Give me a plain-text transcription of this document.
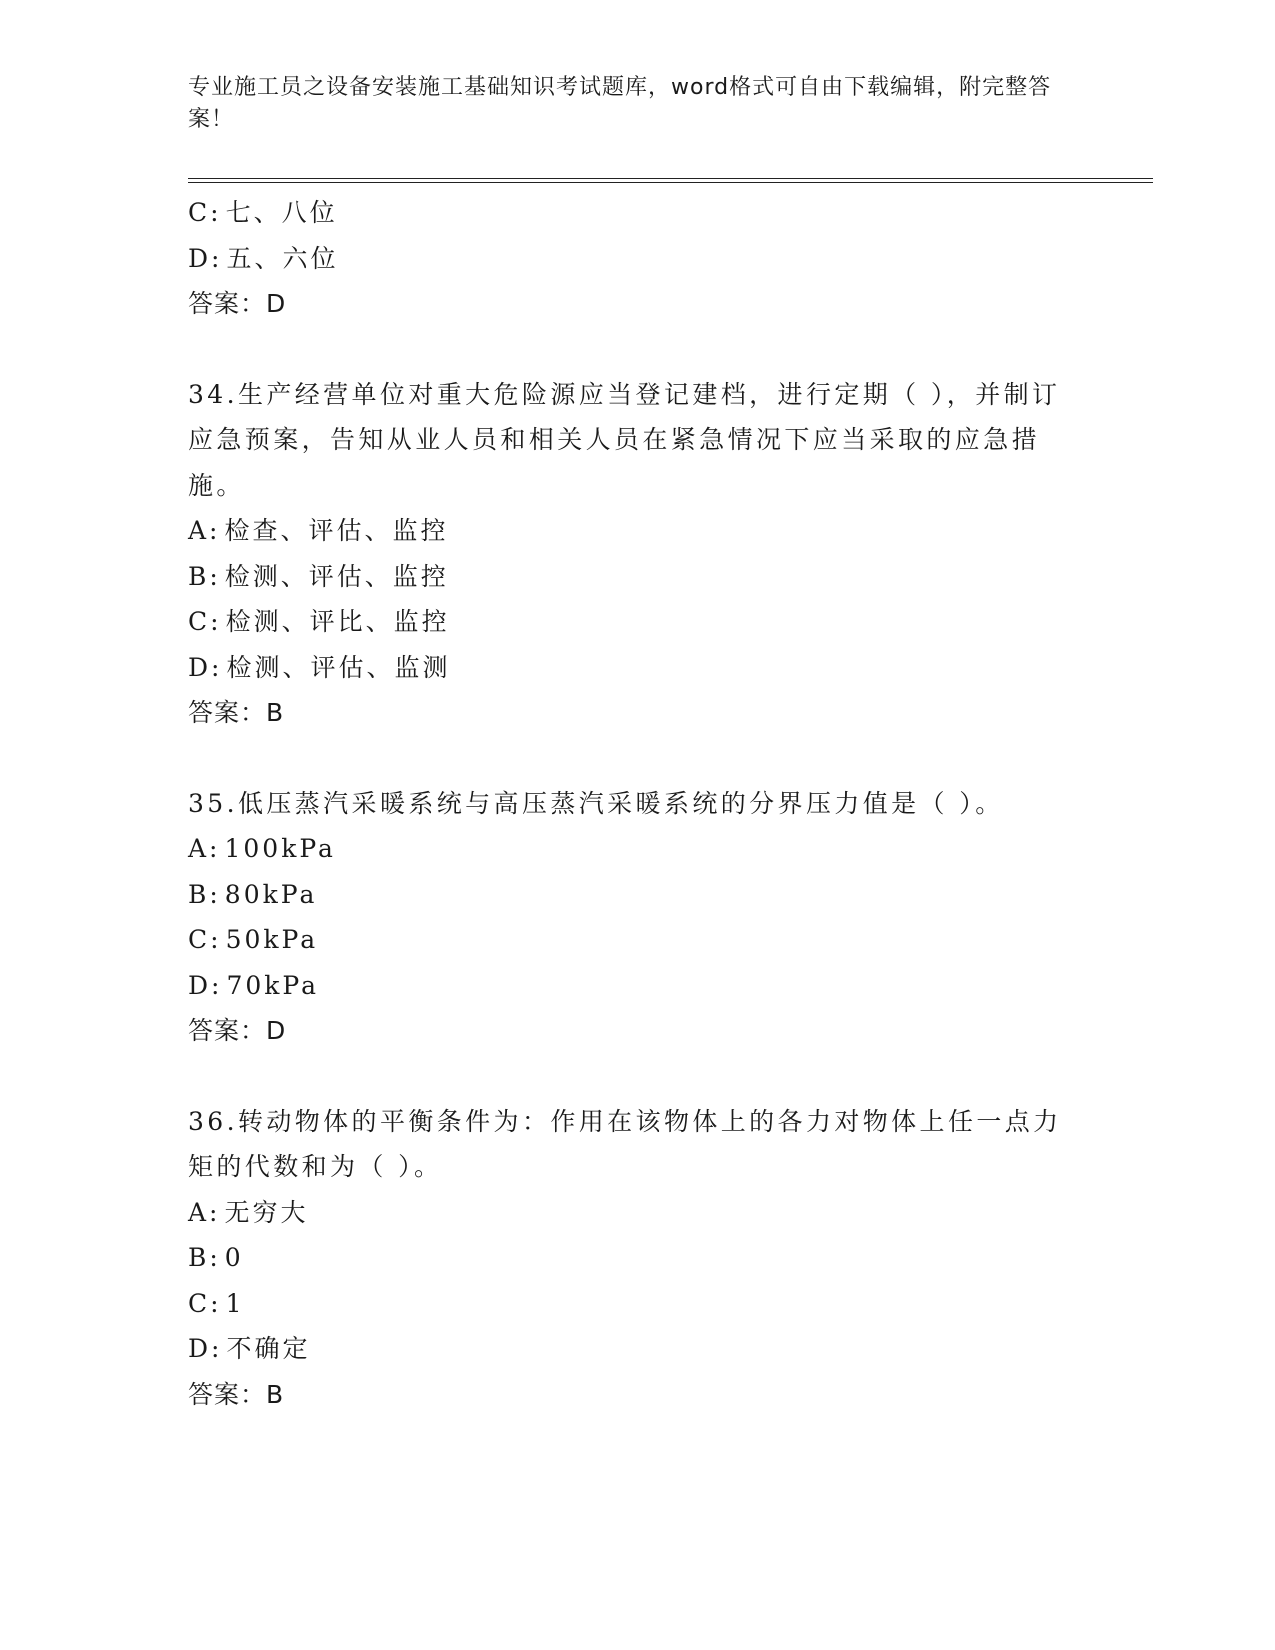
专业施工员之设备安装施工基础知识考试题库，word格式可自由下载编辑，附完整答案！
C: 七、八位
D: 五、六位
答案：D
34.生产经营单位对重大危险源应当登记建档，进行定期（ ），并制订应急预案，告知从业人员和相关人员在紧急情况下应当采取的应急措施。
A: 检查、评估、监控
B: 检测、评估、监控
C: 检测、评比、监控
D: 检测、评估、监测
答案：B
35.低压蒸汽采暖系统与高压蒸汽采暖系统的分界压力值是（ ）。
A: 100kPa
B: 80kPa
C: 50kPa
D: 70kPa
答案：D
36.转动物体的平衡条件为：作用在该物体上的各力对物体上任一点力矩的代数和为（ ）。
A: 无穷大
B: 0
C: 1
D: 不确定
答案：B
